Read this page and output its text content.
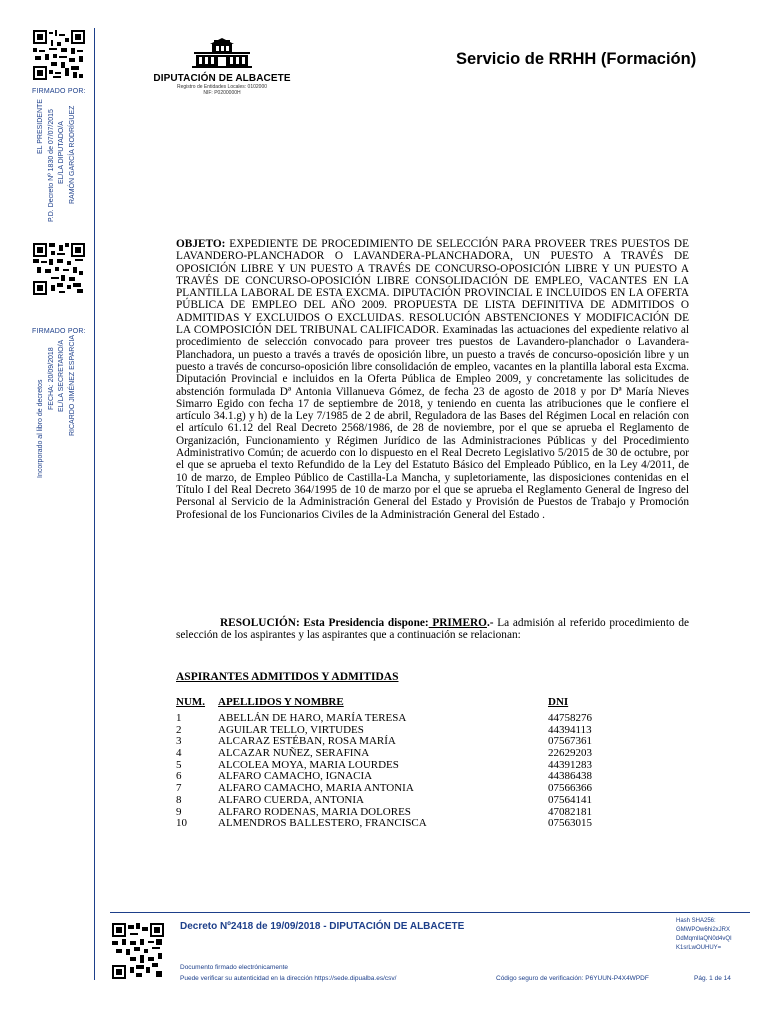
FIRMADO POR:
EL PRESIDENTE P.D. Decreto Nº 1830 de 07/07/2015 EL/LA DIPUTADO/A RAMÓN GARCÍA RODRÍGUEZ
FIRMADO POR:
Incorporado al libro de decretos
FECHA: 20/09/2018 EL/LA SECRETARIO/A RICARDO JIMÉNEZ ESPARCIA
DIPUTACIÓN DE ALBACETE
Registro de Entidades Locales: 0102000
NIF: P0200000H
Servicio de RRHH (Formación)
OBJETO: EXPEDIENTE DE PROCEDIMIENTO DE SELECCIÓN PARA PROVEER TRES PUESTOS DE LAVANDERO-PLANCHADOR O LAVANDERA-PLANCHADORA, UN PUESTO A TRAVÉS DE OPOSICIÓN LIBRE Y UN PUESTO A TRAVÉS DE CONCURSO-OPOSICIÓN LIBRE Y UN PUESTO A TRAVÉS DE CONCURSO-OPOSICIÓN LIBRE CONSOLIDACIÓN DE EMPLEO, VACANTES EN LA PLANTILLA LABORAL DE ESTA EXCMA. DIPUTACIÓN PROVINCIAL E INCLUIDOS EN LA OFERTA PÚBLICA DE EMPLEO DEL AÑO 2009. PROPUESTA DE LISTA DEFINITIVA DE ADMITIDOS O ADMITIDAS Y EXCLUIDOS O EXCLUIDAS. RESOLUCIÓN ABSTENCIONES Y MODIFICACIÓN DE LA COMPOSICIÓN DEL TRIBUNAL CALIFICADOR. Examinadas las actuaciones del expediente relativo al procedimiento de selección convocado para proveer tres puestos de Lavandero-planchador o Lavandera-Planchadora, un puesto a través a través de oposición libre, un puesto a través de concurso-oposición libre y un puesto a través de concurso-oposición libre consolidación de empleo, vacantes en la plantilla laboral esta Excma. Diputación Provincial e incluidos en la Oferta Pública de Empleo 2009, y concretamente las solicitudes de abstención formulada Dª Antonia Villanueva Gómez, de fecha 23 de agosto de 2018 y por Dª María Nieves Simarro Egido con fecha 17 de septiembre de 2018, y teniendo en cuenta las atribuciones que le confiere el artículo 34.1.g) y h) de la Ley 7/1985 de 2 de abril, Reguladora de las Bases del Régimen Local en relación con el artículo 61.12 del Real Decreto 2568/1986, de 28 de noviembre, por el que se aprueba el Reglamento de Organización, Funcionamiento y Régimen Jurídico de las Administraciones Públicas y del Procedimiento Administrativo Común; de acuerdo con lo dispuesto en el Real Decreto Legislativo 5/2015 de 30 de octubre, por el que se aprueba el texto Refundido de la Ley del Estatuto Básico del Empleado Público, en la Ley 4/2011, de 10 de marzo, de Empleo Público de Castilla-La Mancha, y supletoriamente, las disposiciones contenidas en el Título I del Real Decreto 364/1995 de 10 de marzo por el que se aprueba el Reglamento General de Ingreso del Personal al Servicio de la Administración General del Estado y Provisión de Puestos de Trabajo y Promoción Profesional de los Funcionarios Civiles de la Administración General del Estado .
RESOLUCIÓN: Esta Presidencia dispone: PRIMERO.- La admisión al referido procedimiento de selección de los aspirantes y las aspirantes que a continuación se relacionan:
ASPIRANTES ADMITIDOS Y ADMITIDAS
NUM.	APELLIDOS Y NOMBRE	DNI
1	ABELLÁN DE HARO, MARÍA TERESA	44758276
2	AGUILAR TELLO, VIRTUDES	44394113
3	ALCARAZ ESTÉBAN, ROSA MARÍA	07567361
4	ALCAZAR NUÑEZ, SERAFINA	22629203
5	ALCOLEA MOYA, MARIA LOURDES	44391283
6	ALFARO CAMACHO, IGNACIA	44386438
7	ALFARO CAMACHO, MARIA ANTONIA	07566366
8	ALFARO CUERDA, ANTONIA	07564141
9	ALFARO RODENAS, MARIA DOLORES	47082181
10	ALMENDROS BALLESTERO, FRANCISCA	07563015
Decreto Nº2418 de 19/09/2018 - DIPUTACIÓN DE ALBACETE
Documento firmado electrónicamente
Puede verificar su autenticidad en la dirección https://sede.dipualba.es/csv/	Código seguro de verificación: P6YUUN-P4X4WPDF	Pág. 1 de 14
Hash SHA256: GMWPOw6hi2xJRX DdMqmlIaQN0d4vQI K1srLwOUHUY=
